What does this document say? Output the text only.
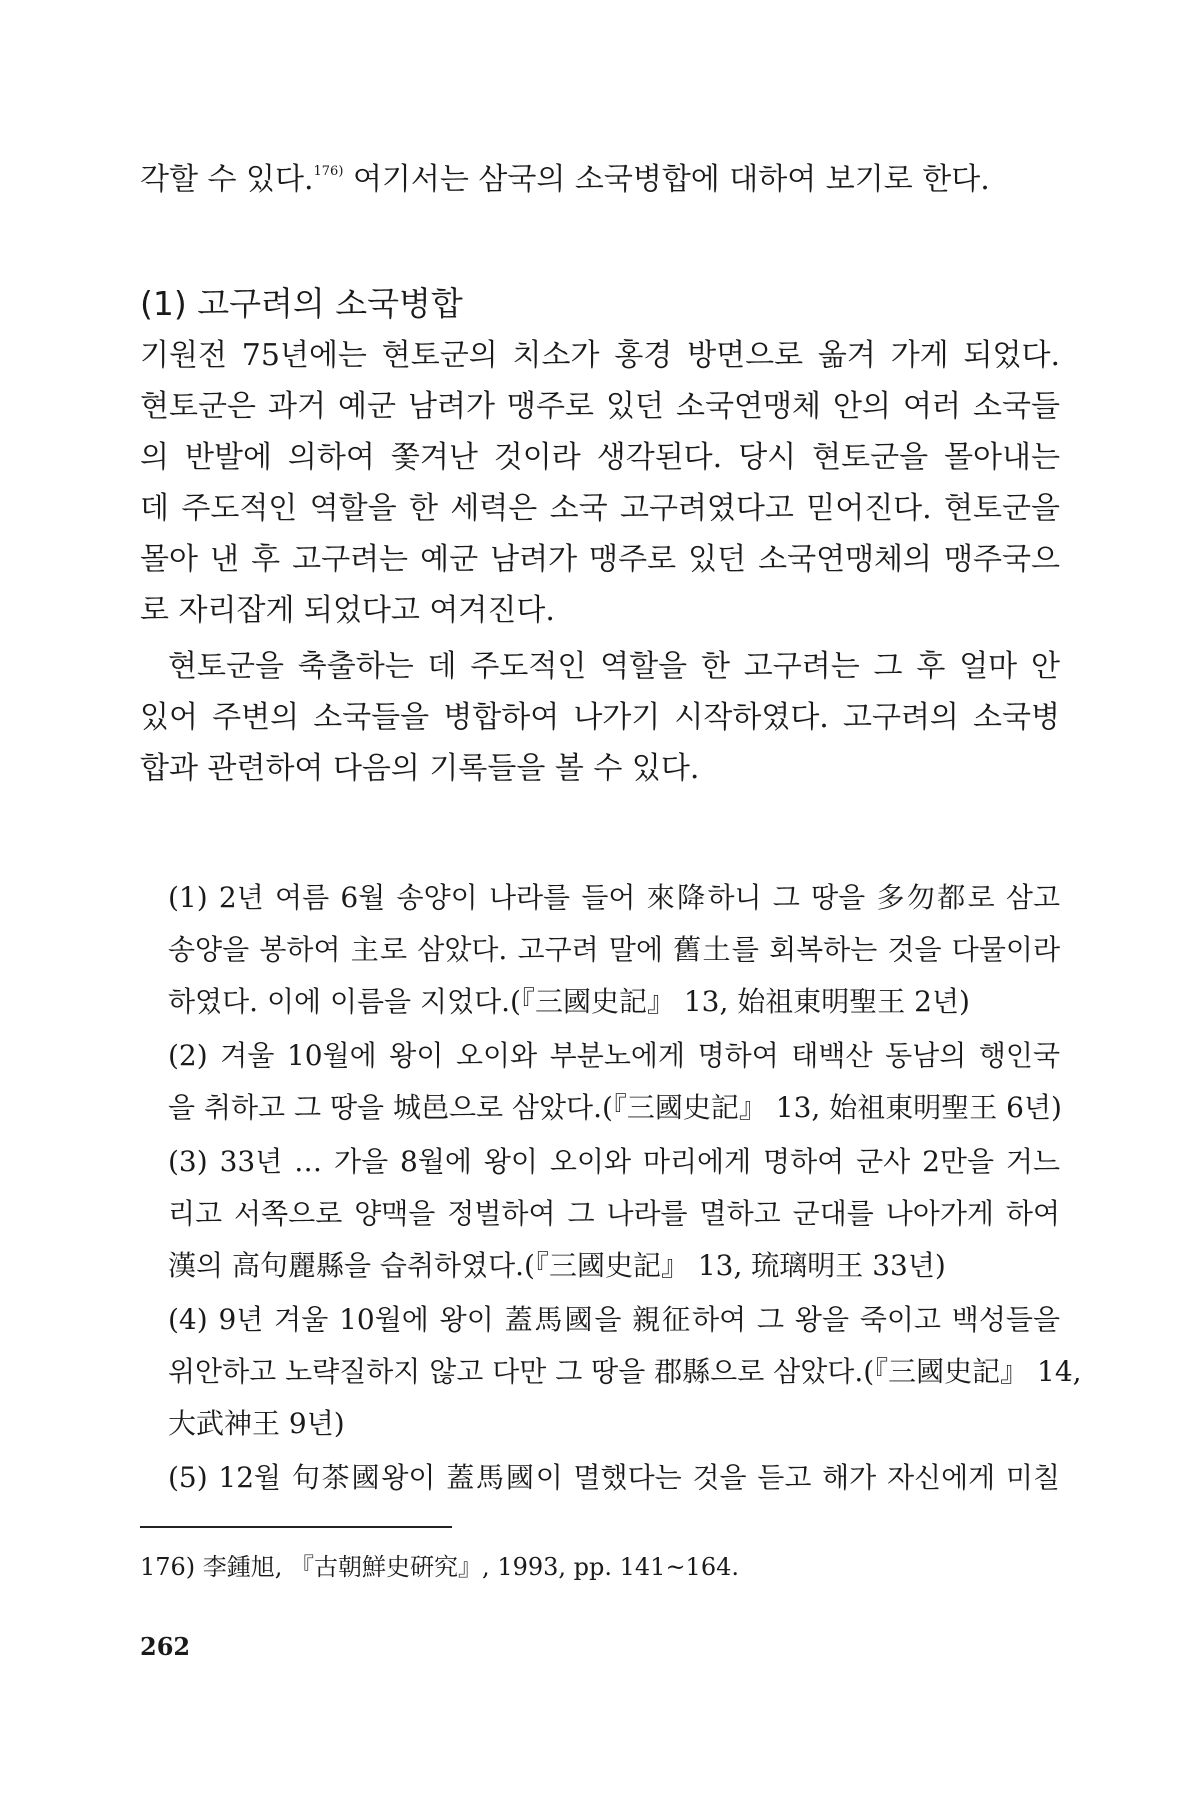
각할 수 있다.$^{176)}$ 여기서는 삼국의 소국병합에 대하여 보기로 한다.
(1) 고구려의 소국병합
기원전 75년에는 현토군의 치소가 홍경 방면으로 옮겨 가게 되었다.
현토군은 과거 예군 남려가 맹주로 있던 소국연맹체 안의 여러 소국들
의 반발에 의하여 쫓겨난 것이라 생각된다. 당시 현토군을 몰아내는
데 주도적인 역할을 한 세력은 소국 고구려였다고 믿어진다. 현토군을
몰아 낸 후 고구려는 예군 남려가 맹주로 있던 소국연맹체의 맹주국으
로 자리잡게 되었다고 여겨진다.
현토군을 축출하는 데 주도적인 역할을 한 고구려는 그 후 얼마 안
있어 주변의 소국들을 병합하여 나가기 시작하였다. 고구려의 소국병
합과 관련하여 다음의 기록들을 볼 수 있다.
(1) 2년 여름 6월 송양이 나라를 들어 來降하니 그 땅을 多勿都로 삼고
송양을 봉하여 主로 삼았다. 고구려 말에 舊土를 회복하는 것을 다물이라
하였다. 이에 이름을 지었다.(『三國史記』 13, 始祖東明聖王 2년)
(2) 겨울 10월에 왕이 오이와 부분노에게 명하여 태백산 동남의 행인국
을 취하고 그 땅을 城邑으로 삼았다.(『三國史記』 13, 始祖東明聖王 6년)
(3) 33년 … 가을 8월에 왕이 오이와 마리에게 명하여 군사 2만을 거느
리고 서쪽으로 양맥을 정벌하여 그 나라를 멸하고 군대를 나아가게 하여
漢의 高句麗縣을 습취하였다.(『三國史記』 13, 琉璃明王 33년)
(4) 9년 겨울 10월에 왕이 蓋馬國을 親征하여 그 왕을 죽이고 백성들을
위안하고 노략질하지 않고 다만 그 땅을 郡縣으로 삼았다.(『三國史記』 14,
大武神王 9년)
(5) 12월 句茶國왕이 蓋馬國이 멸했다는 것을 듣고 해가 자신에게 미칠
176) 李鍾旭, 『古朝鮮史硏究』, 1993, pp. 141~164.
262
